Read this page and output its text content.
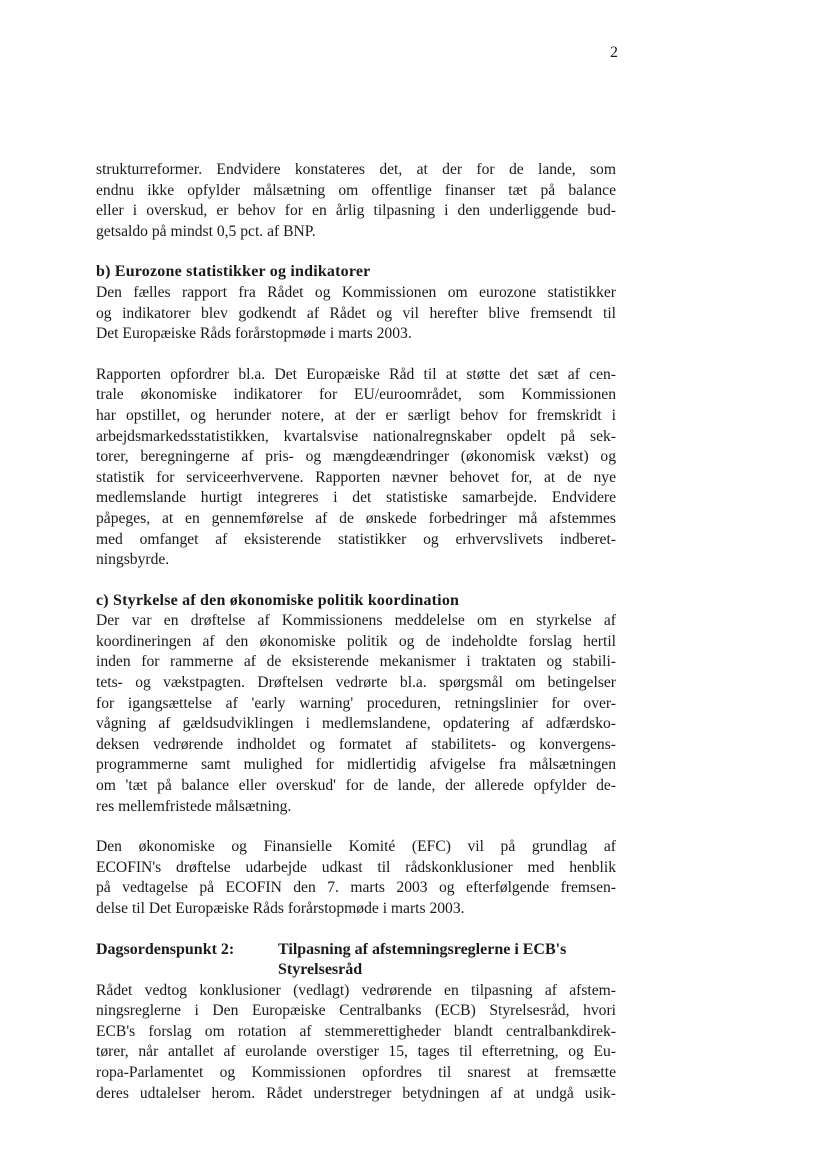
2

strukturreformer. Endvidere konstateres det, at der for de lande, som
endnu ikke opfylder målsætning om offentlige finanser tæt på balance
eller i overskud, er behov for en årlig tilpasning i den underliggende bud-
getsaldo på mindst 0,5 pct. af BNP.

b) Eurozone statistikker og indikatorer

Den fælles rapport fra Rådet og Kommissionen om eurozone statistikker
og indikatorer blev godkendt af Rådet og vil herefter blive fremsendt til
Det Europæiske Råds forårstopmøde i marts 2003.

Rapporten opfordrer bl.a. Det Europæiske Råd til at støtte det sæt af cen-
trale økonomiske indikatorer for EU/euroområdet, som Kommissionen
har opstillet, og herunder notere, at der er særligt behov for fremskridt i
arbejdsmarkedsstatistikken, kvartalsvise nationalregnskaber opdelt på sek-
torer, beregningerne af pris- og mængdeændringer (økonomisk vækst) og
statistik for serviceerhvervene. Rapporten nævner behovet for, at de nye
medlemslande hurtigt integreres i det statistiske samarbejde. Endvidere
påpeges, at en gennemførelse af de ønskede forbedringer må afstemmes
med omfanget af eksisterende statistikker og erhvervslivets indberet-
ningsbyrde.

c) Styrkelse af den økonomiske politik koordination

Der var en drøftelse af Kommissionens meddelelse om en styrkelse af
koordineringen af den økonomiske politik og de indeholdte forslag hertil
inden for rammerne af de eksisterende mekanismer i traktaten og stabili-
tets- og vækstpagten. Drøftelsen vedrørte bl.a. spørgsmål om betingelser
for igangsættelse af 'early warning' proceduren, retningslinier for over-
vågning af gældsudviklingen i medlemslandene, opdatering af adfærdsko-
deksen vedrørende indholdet og formatet af stabilitets- og konvergens-
programmerne samt mulighed for midlertidig afvigelse fra målsætningen
om 'tæt på balance eller overskud' for de lande, der allerede opfylder de-
res mellemfristede målsætning.

Den økonomiske og Finansielle Komité (EFC) vil på grundlag af
ECOFIN's drøftelse udarbejde udkast til rådskonklusioner med henblik
på vedtagelse på ECOFIN den 7. marts 2003 og efterfølgende fremsen-
delse til Det Europæiske Råds forårstopmøde i marts 2003.

Dagsordenspunkt 2:	Tilpasning af afstemningsreglerne i ECB's
Styrelsesråd

Rådet vedtog konklusioner (vedlagt) vedrørende en tilpasning af afstem-
ningsreglerne i Den Europæiske Centralbanks (ECB) Styrelsesråd, hvori
ECB's forslag om rotation af stemmerettigheder blandt centralbankdirek-
tører, når antallet af eurolande overstiger 15, tages til efterretning, og Eu-
ropa-Parlamentet og Kommissionen opfordres til snarest at fremsætte
deres udtalelser herom. Rådet understreger betydningen af at undgå usik-
